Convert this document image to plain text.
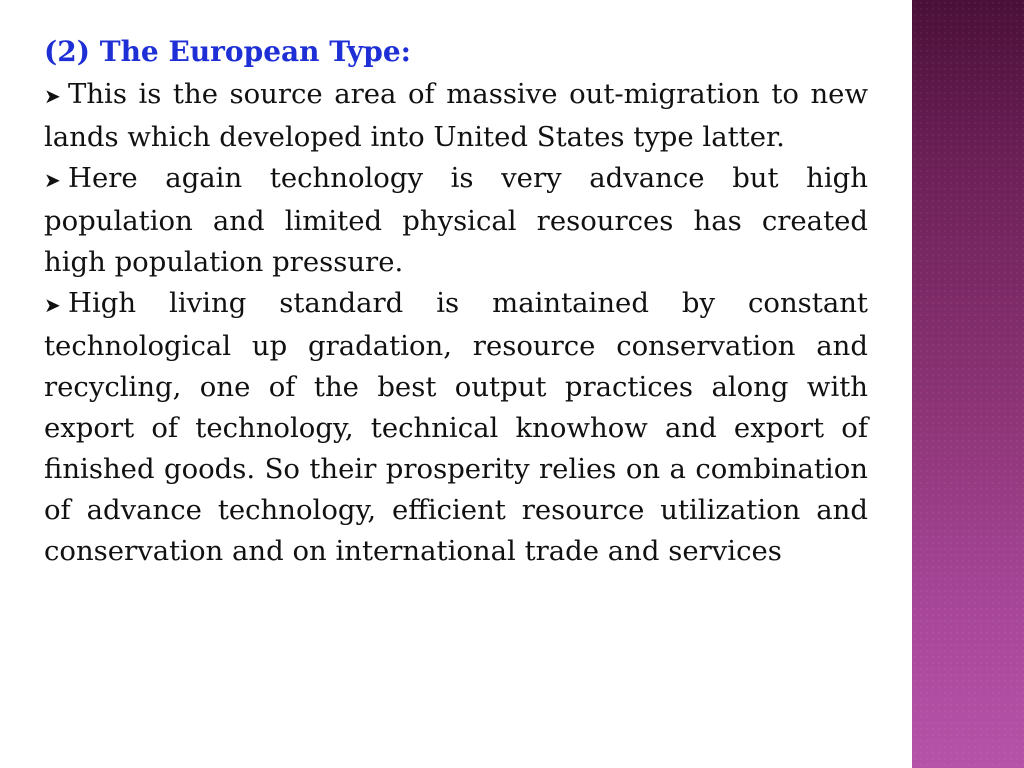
(2) The European Type:

➤ This is the source area of massive out-migration to new lands which developed into United States type latter.

➤ Here again technology is very advance but high population and limited physical resources has created high population pressure.

➤ High living standard is maintained by constant technological up gradation, resource conservation and recycling, one of the best output practices along with export of technology, technical knowhow and export of finished goods. So their prosperity relies on a combination of advance technology, efficient resource utilization and conservation and on international trade and services
